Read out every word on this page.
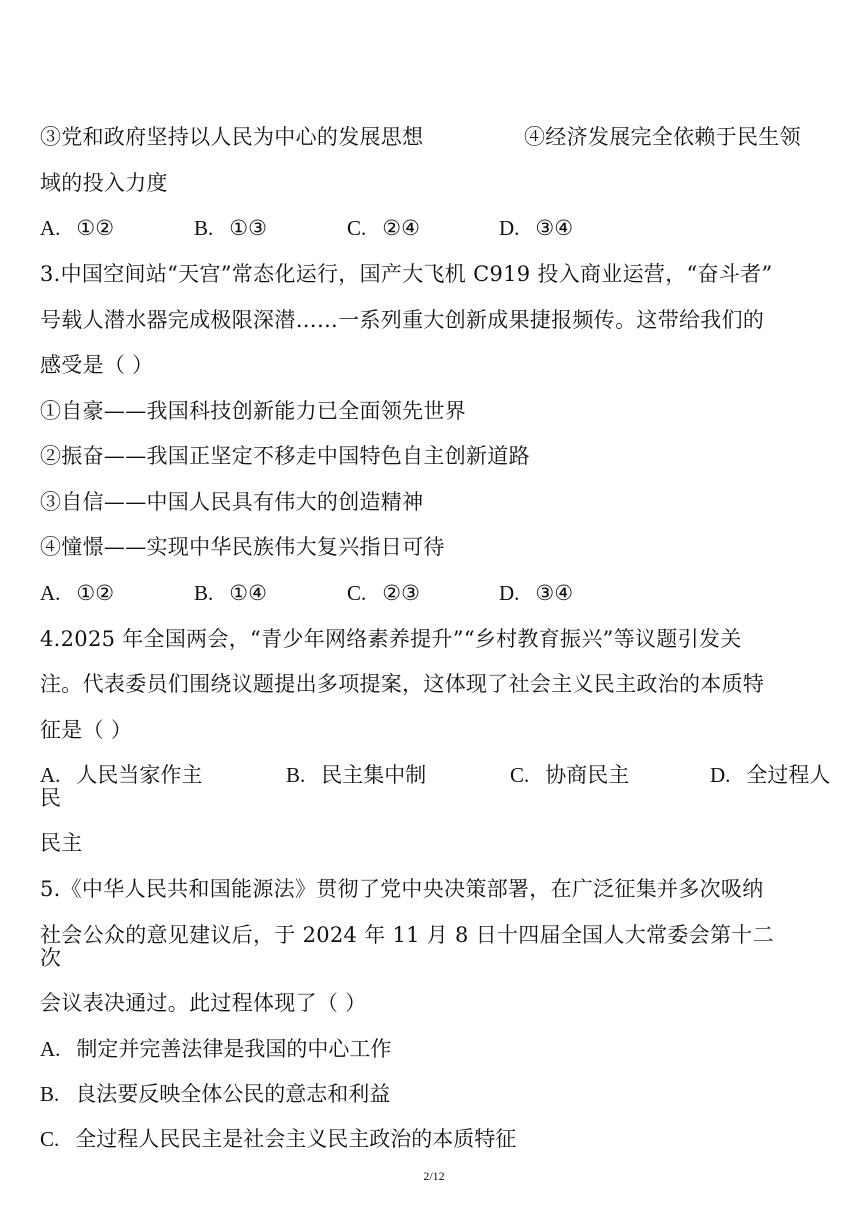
③党和政府坚持以人民为中心的发展思想	④经济发展完全依赖于民生领
域的投入力度
A. ①②	B. ①③	C. ②④	D. ③④
3.中国空间站“天宫”常态化运行，国产大飞机 C919 投入商业运营，“奋斗者”
号载人潜水器完成极限深潜……一系列重大创新成果捷报频传。这带给我们的
感受是（ ）
①自豪——我国科技创新能力已全面领先世界
②振奋——我国正坚定不移走中国特色自主创新道路
③自信——中国人民具有伟大的创造精神
④憧憬——实现中华民族伟大复兴指日可待
A. ①②	B. ①④	C. ②③	D. ③④
4.2025 年全国两会，“青少年网络素养提升”“乡村教育振兴”等议题引发关
注。代表委员们围绕议题提出多项提案，这体现了社会主义民主政治的本质特
征是（ ）
A. 人民当家作主	B. 民主集中制	C. 协商民主	D. 全过程人
民
民主
5.《中华人民共和国能源法》贯彻了党中央决策部署，在广泛征集并多次吸纳
社会公众的意见建议后，于 2024 年 11 月 8 日十四届全国人大常委会第十二
次
会议表决通过。此过程体现了（ ）
A. 制定并完善法律是我国的中心工作
B. 良法要反映全体公民的意志和利益
C. 全过程人民民主是社会主义民主政治的本质特征
2/12
